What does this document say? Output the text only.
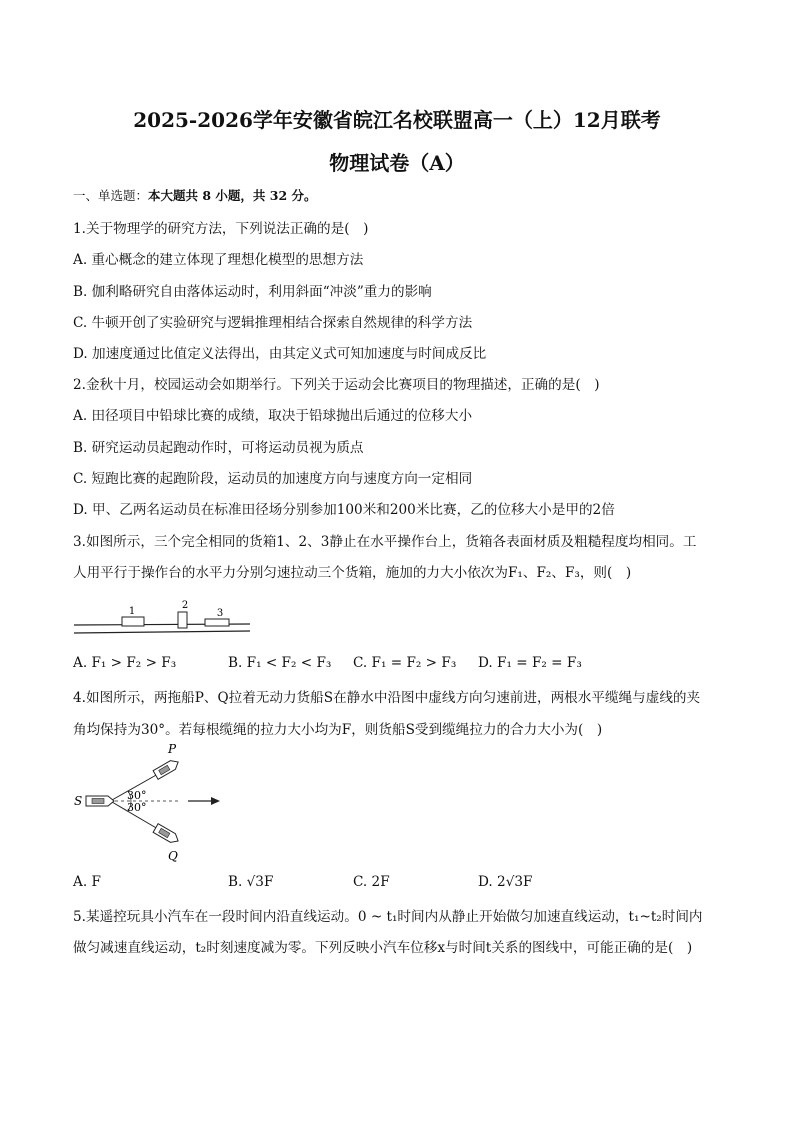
2025-2026学年安徽省皖江名校联盟高一（上）12月联考
物理试卷（A）
一、单选题：本大题共 8 小题，共 32 分。
1.关于物理学的研究方法，下列说法正确的是(　)
A. 重心概念的建立体现了理想化模型的思想方法
B. 伽利略研究自由落体运动时，利用斜面“冲淡”重力的影响
C. 牛顿开创了实验研究与逻辑推理相结合探索自然规律的科学方法
D. 加速度通过比值定义法得出，由其定义式可知加速度与时间成反比
2.金秋十月，校园运动会如期举行。下列关于运动会比赛项目的物理描述，正确的是(　)
A. 田径项目中铅球比赛的成绩，取决于铅球抛出后通过的位移大小
B. 研究运动员起跑动作时，可将运动员视为质点
C. 短跑比赛的起跑阶段，运动员的加速度方向与速度方向一定相同
D. 甲、乙两名运动员在标准田径场分别参加100米和200米比赛，乙的位移大小是甲的2倍
3.如图所示，三个完全相同的货箱1、2、3静止在水平操作台上，货箱各表面材质及粗糙程度均相同。工
人用平行于操作台的水平力分别匀速拉动三个货箱，施加的力大小依次为F₁、F₂、F₃，则(　)
1
2
3
A. F₁ > F₂ > F₃	B. F₁ < F₂ < F₃ C. F₁ = F₂ > F₃ D. F₁ = F₂ = F₃
4.如图所示，两拖船P、Q拉着无动力货船S在静水中沿图中虚线方向匀速前进，两根水平缆绳与虚线的夹
角均保持为30°。若每根缆绳的拉力大小均为F，则货船S受到缆绳拉力的合力大小为(　)
30°
30°
S
P
Q
A. F	B. √3F	C. 2F	D. 2√3F
5.某遥控玩具小汽车在一段时间内沿直线运动。0 ~ t₁时间内从静止开始做匀加速直线运动，t₁~t₂时间内
做匀减速直线运动，t₂时刻速度减为零。下列反映小汽车位移x与时间t关系的图线中，可能正确的是(　)
